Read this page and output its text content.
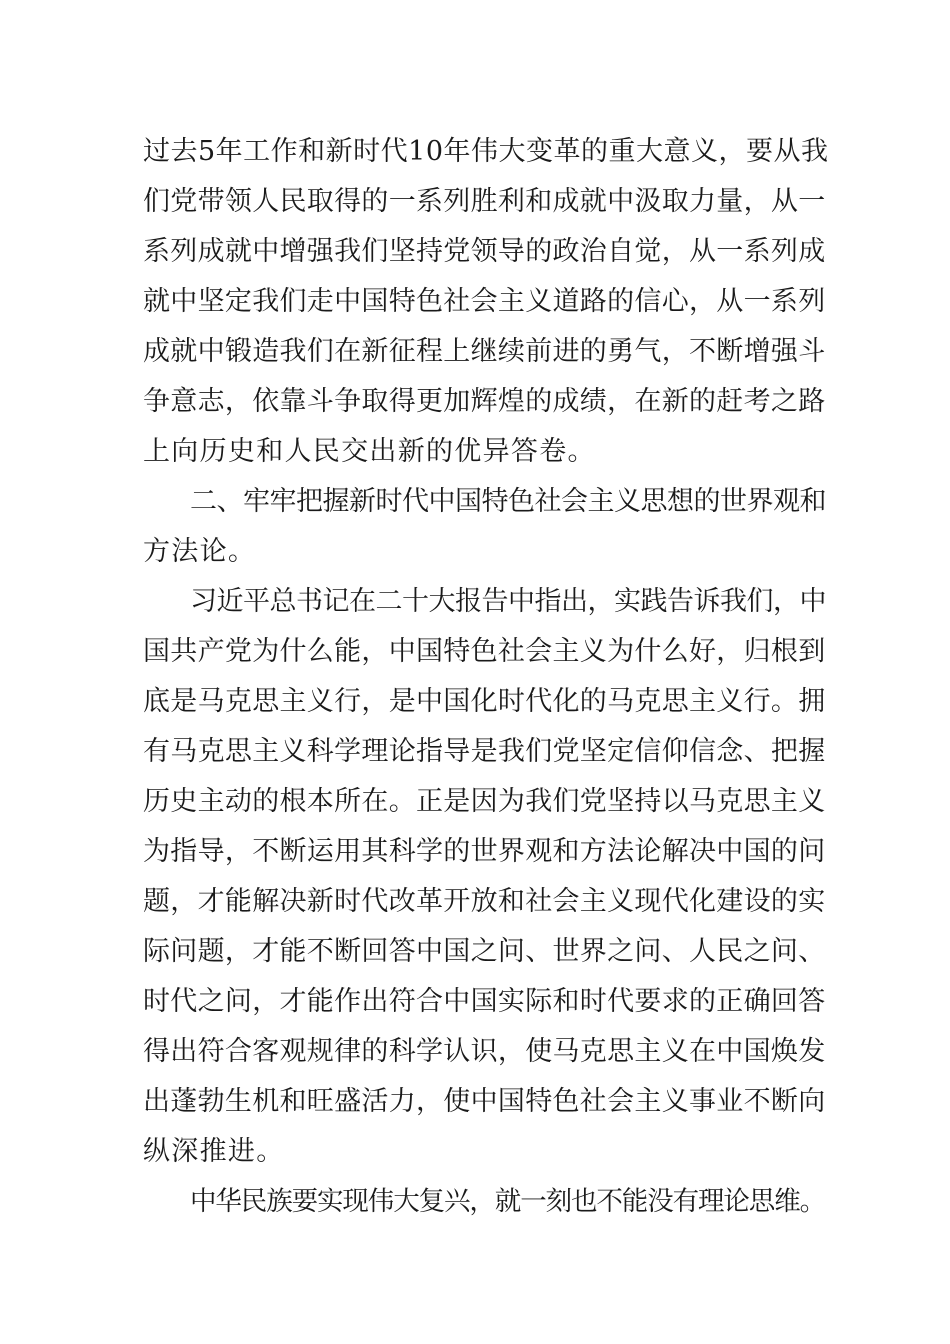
过去5年工作和新时代10年伟大变革的重大意义，要从我
们党带领人民取得的一系列胜利和成就中汲取力量，从一
系列成就中增强我们坚持党领导的政治自觉，从一系列成
就中坚定我们走中国特色社会主义道路的信心，从一系列
成就中锻造我们在新征程上继续前进的勇气，不断增强斗
争意志，依靠斗争取得更加辉煌的成绩，在新的赶考之路
上向历史和人民交出新的优异答卷。
二、牢牢把握新时代中国特色社会主义思想的世界观和
方法论。
习近平总书记在二十大报告中指出，实践告诉我们，中
国共产党为什么能，中国特色社会主义为什么好，归根到
底是马克思主义行，是中国化时代化的马克思主义行。拥
有马克思主义科学理论指导是我们党坚定信仰信念、把握
历史主动的根本所在。正是因为我们党坚持以马克思主义
为指导，不断运用其科学的世界观和方法论解决中国的问
题，才能解决新时代改革开放和社会主义现代化建设的实
际问题，才能不断回答中国之问、世界之问、人民之问、
时代之问，才能作出符合中国实际和时代要求的正确回答
得出符合客观规律的科学认识，使马克思主义在中国焕发
出蓬勃生机和旺盛活力，使中国特色社会主义事业不断向
纵深推进。
中华民族要实现伟大复兴，就一刻也不能没有理论思维。
